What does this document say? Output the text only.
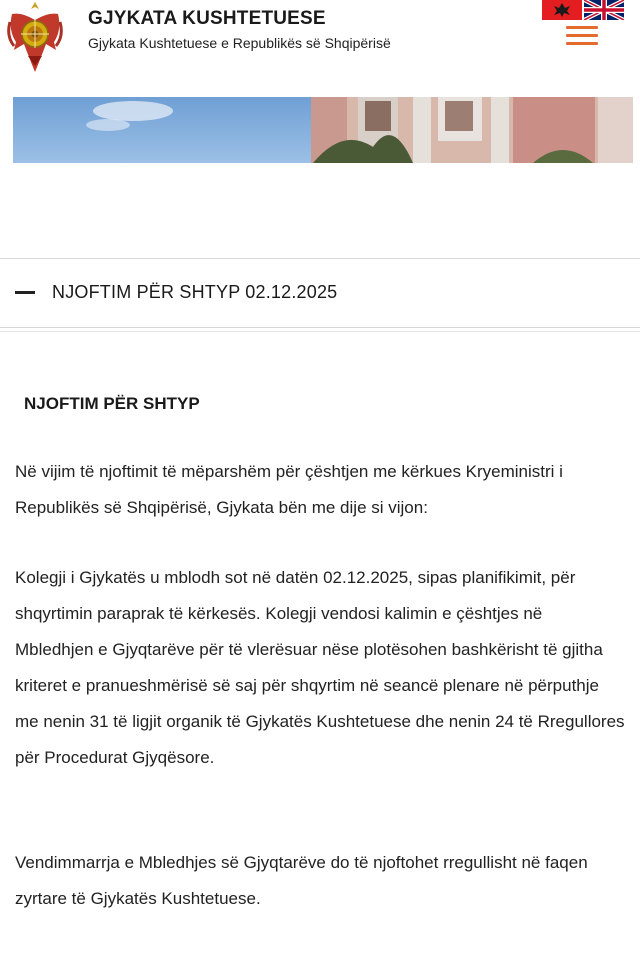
GJYKATA KUSHTETUESE
Gjykata Kushtetuese e Republikës së Shqipërisë
NJOFTIM PËR SHTYP 02.12.2025
NJOFTIM PËR SHTYP

Në vijim të njoftimit të mëparshëm për çështjen me kërkues Kryeministri i Republikës së Shqipërisë, Gjykata bën me dije si vijon:

Kolegji i Gjykatës u mblodh sot në datën 02.12.2025, sipas planifikimit, për shqyrtimin paraprak të kërkesës. Kolegji vendosi kalimin e çështjes në Mbledhjen e Gjyqtarëve për të vlerësuar nëse plotësohen bashkërisht të gjitha kriteret e pranueshmërisë së saj për shqyrtim në seancë plenare në përputhje me nenin 31 të ligjit organik të Gjykatës Kushtetuese dhe nenin 24 të Rregullores për Procedurat Gjyqësore.

Vendimmarrja e Mbledhjes së Gjyqtarëve do të njoftohet rregullisht në faqen zyrtare të Gjykatës Kushtetuese.
